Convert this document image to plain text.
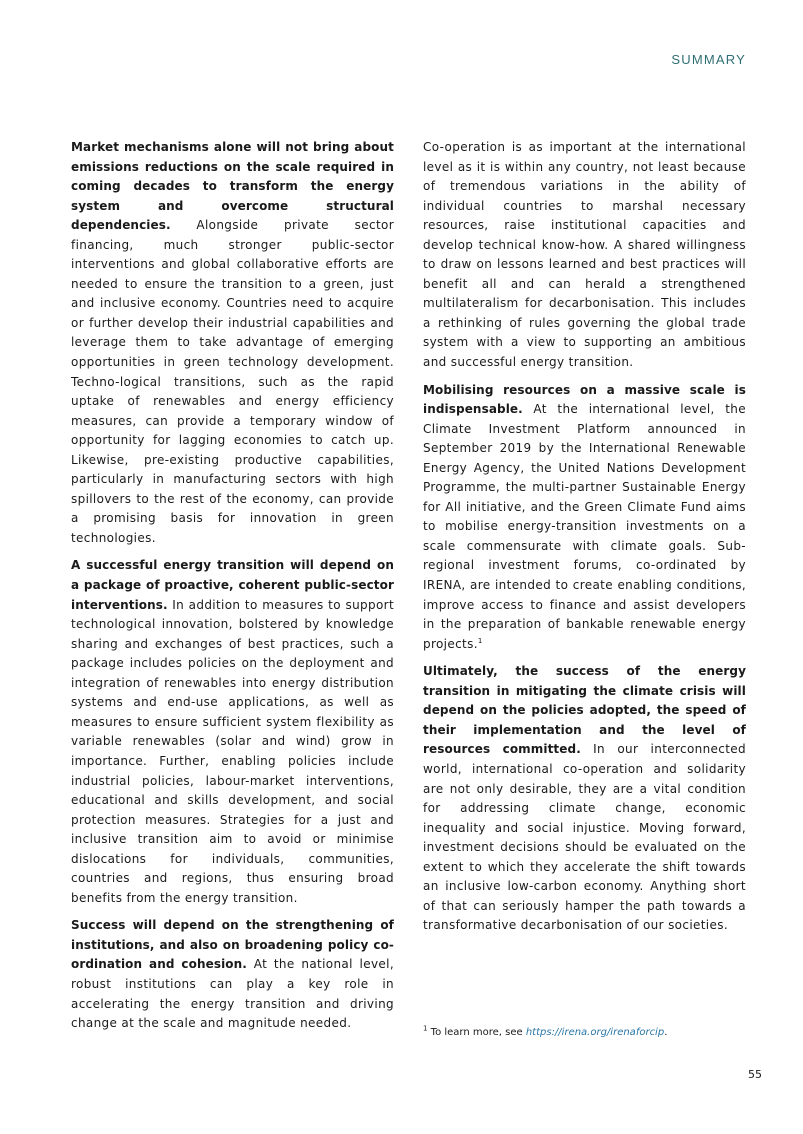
SUMMARY

Market mechanisms alone will not bring about emissions reductions on the scale required in coming decades to transform the energy system and overcome structural dependencies. Alongside private sector financing, much stronger public-sector interventions and global collaborative efforts are needed to ensure the transition to a green, just and inclusive economy. Countries need to acquire or further develop their industrial capabilities and leverage them to take advantage of emerging opportunities in green technology development. Techno-logical transitions, such as the rapid uptake of renewables and energy efficiency measures, can provide a temporary window of opportunity for lagging economies to catch up. Likewise, pre-existing productive capabilities, particularly in manufacturing sectors with high spillovers to the rest of the economy, can provide a promising basis for innovation in green technologies.

A successful energy transition will depend on a package of proactive, coherent public-sector interventions. In addition to measures to support technological innovation, bolstered by knowledge sharing and exchanges of best practices, such a package includes policies on the deployment and integration of renewables into energy distribution systems and end-use applications, as well as measures to ensure sufficient system flexibility as variable renewables (solar and wind) grow in importance. Further, enabling policies include industrial policies, labour-market interventions, educational and skills development, and social protection measures. Strategies for a just and inclusive transition aim to avoid or minimise dislocations for individuals, communities, countries and regions, thus ensuring broad benefits from the energy transition.

Success will depend on the strengthening of institutions, and also on broadening policy co-ordination and cohesion. At the national level, robust institutions can play a key role in accelerating the energy transition and driving change at the scale and magnitude needed.

Co-operation is as important at the international level as it is within any country, not least because of tremendous variations in the ability of individual countries to marshal necessary resources, raise institutional capacities and develop technical know-how. A shared willingness to draw on lessons learned and best practices will benefit all and can herald a strengthened multilateralism for decarbonisation. This includes a rethinking of rules governing the global trade system with a view to supporting an ambitious and successful energy transition.

Mobilising resources on a massive scale is indispensable. At the international level, the Climate Investment Platform announced in September 2019 by the International Renewable Energy Agency, the United Nations Development Programme, the multi-partner Sustainable Energy for All initiative, and the Green Climate Fund aims to mobilise energy-transition investments on a scale commensurate with climate goals. Sub-regional investment forums, co-ordinated by IRENA, are intended to create enabling conditions, improve access to finance and assist developers in the preparation of bankable renewable energy projects.$^1$

Ultimately, the success of the energy transition in mitigating the climate crisis will depend on the policies adopted, the speed of their implementation and the level of resources committed. In our interconnected world, international co-operation and solidarity are not only desirable, they are a vital condition for addressing climate change, economic inequality and social injustice. Moving forward, investment decisions should be evaluated on the extent to which they accelerate the shift towards an inclusive low-carbon economy. Anything short of that can seriously hamper the path towards a transformative decarbonisation of our societies.

$^1$ To learn more, see https://irena.org/irenaforcip.
55
